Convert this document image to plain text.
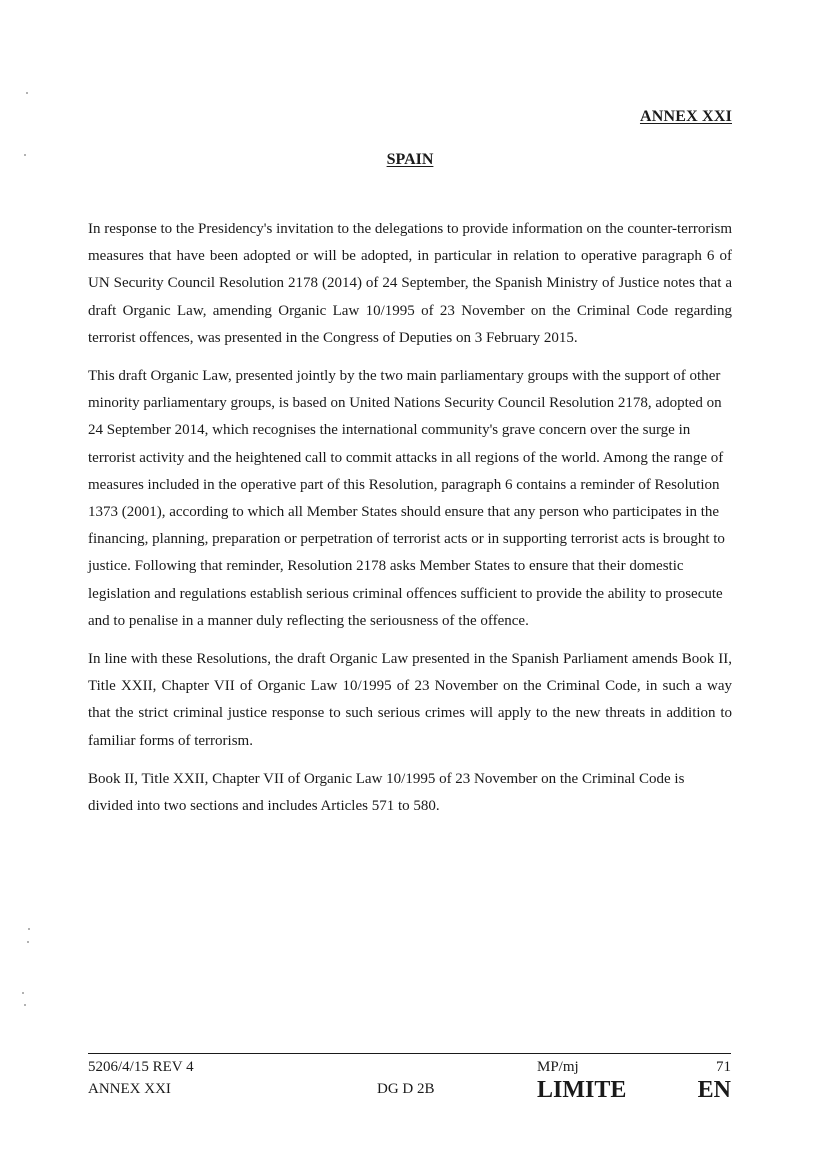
ANNEX XXI
SPAIN

In response to the Presidency's invitation to the delegations to provide information on the counter-terrorism measures that have been adopted or will be adopted, in particular in relation to operative paragraph 6 of UN Security Council Resolution 2178 (2014) of 24 September, the Spanish Ministry of Justice notes that a draft Organic Law, amending Organic Law 10/1995 of 23 November on the Criminal Code regarding terrorist offences, was presented in the Congress of Deputies on 3 February 2015.

This draft Organic Law, presented jointly by the two main parliamentary groups with the support of other minority parliamentary groups, is based on United Nations Security Council Resolution 2178, adopted on 24 September 2014, which recognises the international community's grave concern over the surge in terrorist activity and the heightened call to commit attacks in all regions of the world. Among the range of measures included in the operative part of this Resolution, paragraph 6 contains a reminder of Resolution 1373 (2001), according to which all Member States should ensure that any person who participates in the financing, planning, preparation or perpetration of terrorist acts or in supporting terrorist acts is brought to justice. Following that reminder, Resolution 2178 asks Member States to ensure that their domestic legislation and regulations establish serious criminal offences sufficient to provide the ability to prosecute and to penalise in a manner duly reflecting the seriousness of the offence.

In line with these Resolutions, the draft Organic Law presented in the Spanish Parliament amends Book II, Title XXII, Chapter VII of Organic Law 10/1995 of 23 November on the Criminal Code, in such a way that the strict criminal justice response to such serious crimes will apply to the new threats in addition to familiar forms of terrorism.

Book II, Title XXII, Chapter VII of Organic Law 10/1995 of 23 November on the Criminal Code is divided into two sections and includes Articles 571 to 580.

5206/4/15 REV 4
ANNEX XXI	DG D 2B
MP/mj	71
LIMITE	EN
